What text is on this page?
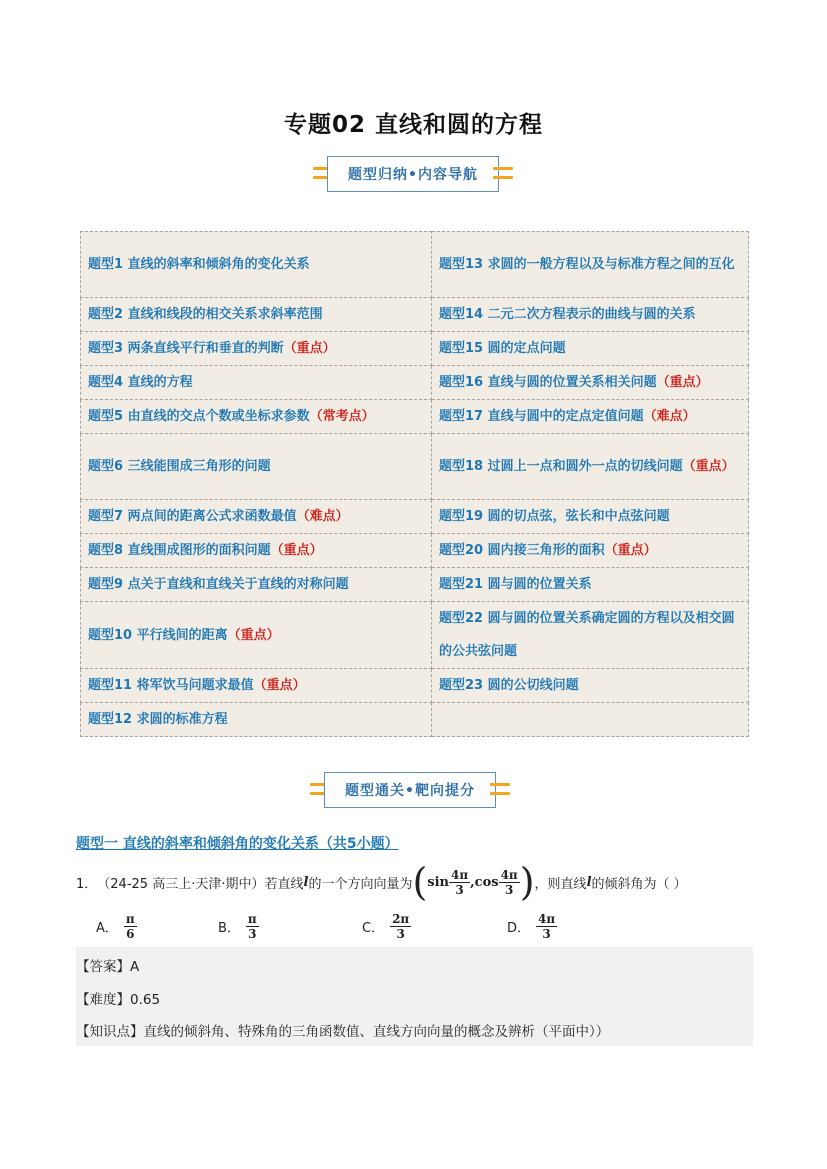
专题02 直线和圆的方程
题型归纳•内容导航
题型1 直线的斜率和倾斜角的变化关系	题型13 求圆的一般方程以及与标准方程之间的互化
题型2 直线和线段的相交关系求斜率范围	题型14 二元二次方程表示的曲线与圆的关系
题型3 两条直线平行和垂直的判断（重点）	题型15 圆的定点问题
题型4 直线的方程	题型16 直线与圆的位置关系相关问题（重点）
题型5 由直线的交点个数或坐标求参数（常考点）	题型17 直线与圆中的定点定值问题（难点）
题型6 三线能围成三角形的问题	题型18 过圆上一点和圆外一点的切线问题（重点）
题型7 两点间的距离公式求函数最值（难点）	题型19 圆的切点弦，弦长和中点弦问题
题型8 直线围成图形的面积问题（重点）	题型20 圆内接三角形的面积（重点）
题型9 点关于直线和直线关于直线的对称问题	题型21 圆与圆的位置关系
题型10 平行线间的距离（重点）	题型22 圆与圆的位置关系确定圆的方程以及相交圆的公共弦问题
题型11 将军饮马问题求最值（重点）	题型23 圆的公切线问题
题型12 求圆的标准方程	
题型通关•靶向提分
题型一 直线的斜率和倾斜角的变化关系（共5小题）
1． （24-25 高三上·天津·期中） 若直线 l 的一个方向向量为 ( $\sin \frac{4\pi}{3}$ , $\cos \frac{4\pi}{3}$ ) ，则直线 l 的倾斜角为（ ）
A． $\frac{\pi}{6}$	B． $\frac{\pi}{3}$	C． $\frac{2\pi}{3}$	D． $\frac{4\pi}{3}$
【答案】A
【难度】0.65
【知识点】直线的倾斜角、特殊角的三角函数值、直线方向向量的概念及辨析（平面中））
